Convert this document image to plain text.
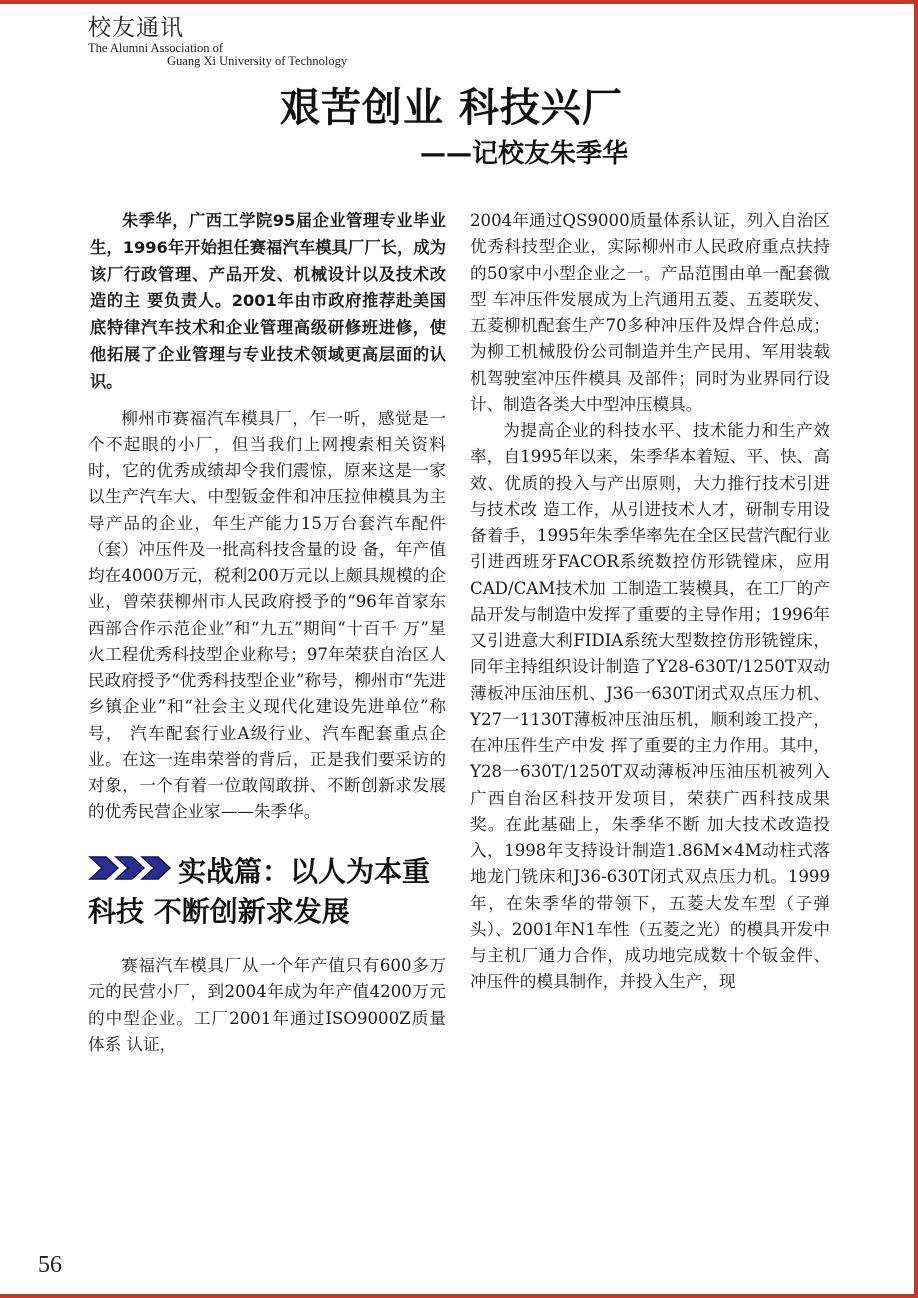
校友通讯
The Alumni Association of
Guang Xi University of Technology
艰苦创业 科技兴厂
——记校友朱季华

朱季华，广西工学院95届企业管理专业毕业生，1996年开始担任赛福汽车模具厂厂长，成为该厂行政管理、产品开发、机械设计以及技术改造的主 要负责人。2001年由市政府推荐赴美国底特律汽车技术和企业管理高级研修班进修，使他拓展了企业管理与专业技术领域更高层面的认识。

柳州市赛福汽车模具厂，乍一听，感觉是一个不起眼的小厂，但当我们上网搜索相关资料时，它的优秀成绩却令我们震惊，原来这是一家以生产汽车大、中型钣金件和冲压拉伸模具为主导产品的企业，年生产能力15万台套汽车配件（套）冲压件及一批高科技含量的设 备，年产值均在4000万元，税利200万元以上颇具规模的企业，曾荣获柳州市人民政府授予的“96年首家东西部合作示范企业”和“九五”期间“十百千 万”星火工程优秀科技型企业称号；97年荣获自治区人民政府授予“优秀科技型企业”称号，柳州市“先进乡镇企业”和“社会主义现代化建设先进单位”称号， 汽车配套行业A级行业、汽车配套重点企业。在这一连串荣誉的背后，正是我们要采访的对象，一个有着一位敢闯敢拼、不断创新求发展的优秀民营企业家——朱季华。

实战篇：以人为本重科技 不断创新求发展

赛福汽车模具厂从一个年产值只有600多万元的民营小厂，到2004年成为年产值4200万元的中型企业。工厂2001年通过ISO9000Z质量体系 认证，

2004年通过QS9000质量体系认证，列入自治区优秀科技型企业，实际柳州市人民政府重点扶持的50家中小型企业之一。产品范围由单一配套微型 车冲压件发展成为上汽通用五菱、五菱联发、五菱柳机配套生产70多种冲压件及焊合件总成；为柳工机械股份公司制造并生产民用、军用装载机驾驶室冲压件模具 及部件；同时为业界同行设计、制造各类大中型冲压模具。

为提高企业的科技水平、技术能力和生产效率，自1995年以来，朱季华本着短、平、快、高效、优质的投入与产出原则，大力推行技术引进与技术改 造工作，从引进技术人才，研制专用设备着手，1995年朱季华率先在全区民营汽配行业引进西班牙FACOR系统数控仿形铣镗床，应用CAD/CAM技术加 工制造工装模具，在工厂的产品开发与制造中发挥了重要的主导作用；1996年又引进意大利FIDIA系统大型数控仿形铣镗床，同年主持组织设计制造了Y28-630T/1250T双动薄板冲压油压机、J36一630T闭式双点压力机、Y27一1130T薄板冲压油压机，顺利竣工投产，在冲压件生产中发 挥了重要的主力作用。其中，Y28一630T/1250T双动薄板冲压油压机被列入广西自治区科技开发项目，荣获广西科技成果奖。在此基础上，朱季华不断 加大技术改造投入，1998年支持设计制造1.86M×4M动柱式落地龙门铣床和J36-630T闭式双点压力机。1999年，在朱季华的带领下，五菱大发车型（子弹头）、2001年N1车性（五菱之光）的模具开发中与主机厂通力合作，成功地完成数十个钣金件、冲压件的模具制作，并投入生产，现

56
